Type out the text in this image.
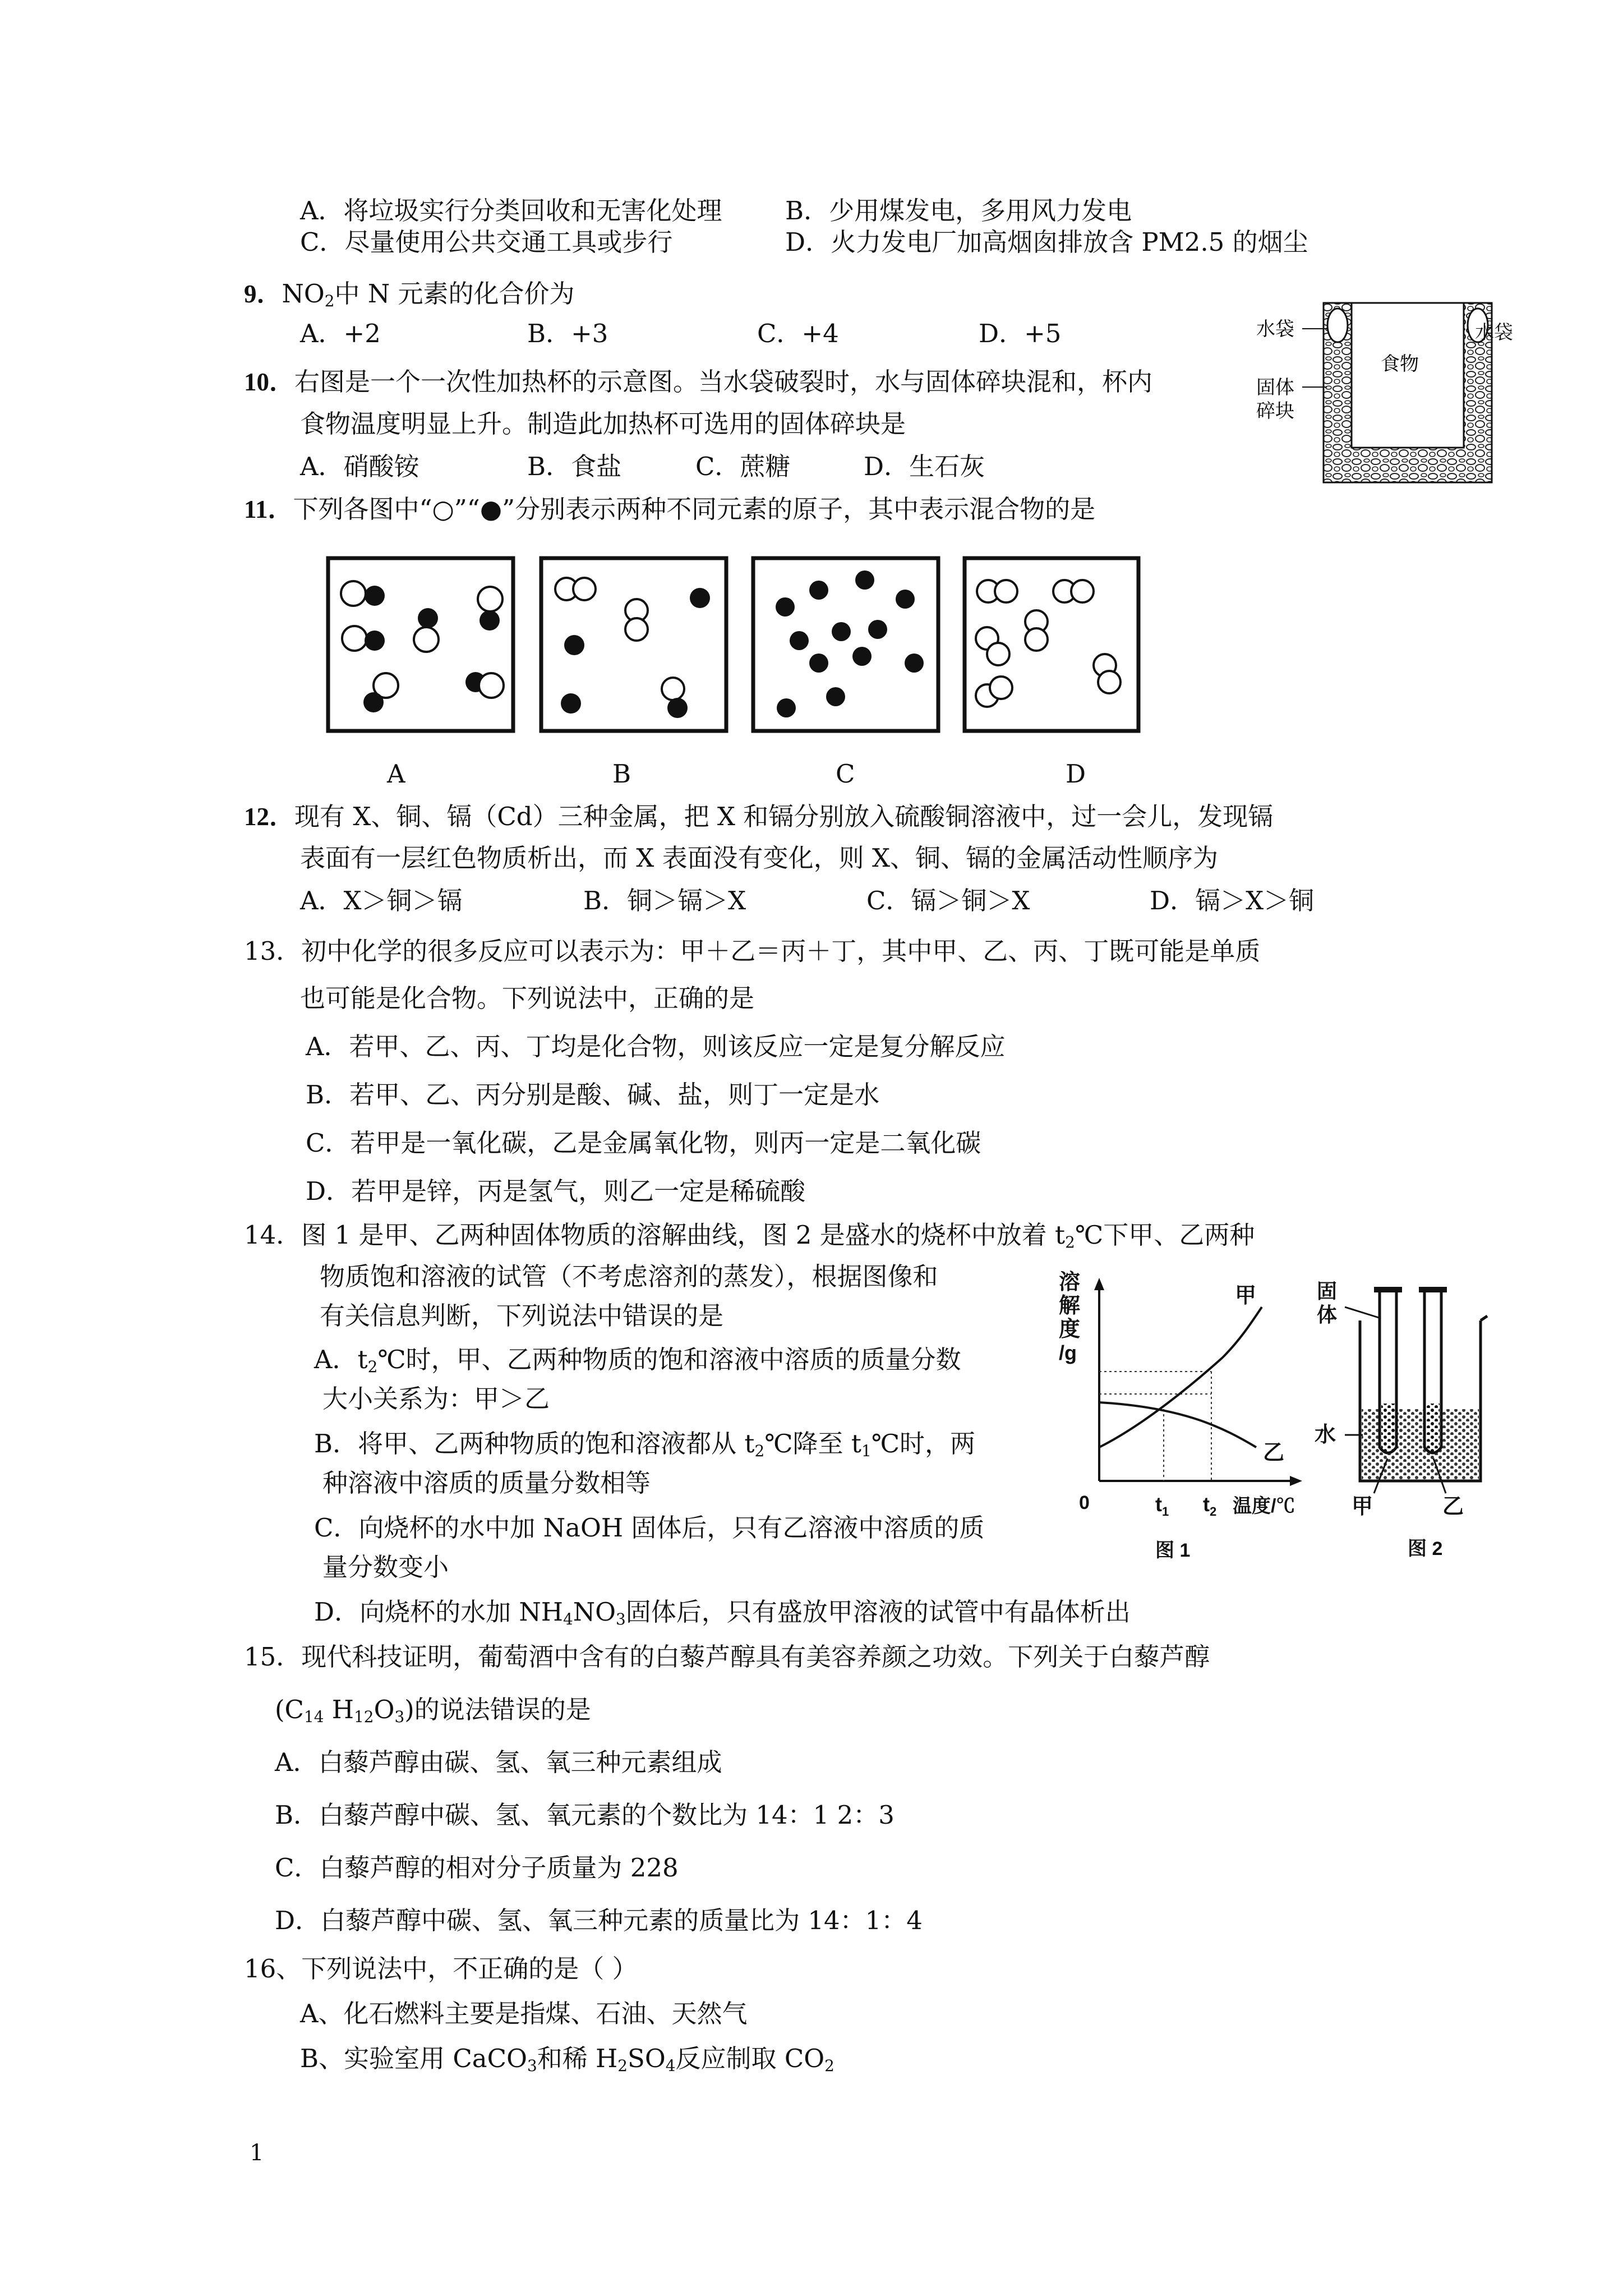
A．将垃圾实行分类回收和无害化处理	B．少用煤发电，多用风力发电
C．尽量使用公共交通工具或步行	D．火力发电厂加高烟囱排放含 PM2.5 的烟尘
9．$NO_2$中 N 元素的化合价为
A．+2	B．+3	C．+4	D．+5
10．右图是一个一次性加热杯的示意图。当水袋破裂时，水与固体碎块混和，杯内
食物温度明显上升。制造此加热杯可选用的固体碎块是
A．硝酸铵	B．食盐	C．蔗糖	D．生石灰
水袋
食物
固体
碎块
水袋
11．下列各图中“○”“●”分别表示两种不同元素的原子，其中表示混合物的是
A	B	C	D
12．现有 X、铜、镉（Cd）三种金属，把 X 和镉分别放入硫酸铜溶液中，过一会儿，发现镉
表面有一层红色物质析出，而 X 表面没有变化，则 X、铜、镉的金属活动性顺序为
A．X＞铜＞镉	B．铜＞镉＞X	C．镉＞铜＞X	D．镉＞X＞铜
13．初中化学的很多反应可以表示为：甲＋乙＝丙＋丁，其中甲、乙、丙、丁既可能是单质
也可能是化合物。下列说法中，正确的是
A．若甲、乙、丙、丁均是化合物，则该反应一定是复分解反应
B．若甲、乙、丙分别是酸、碱、盐，则丁一定是水
C．若甲是一氧化碳，乙是金属氧化物，则丙一定是二氧化碳
D．若甲是锌，丙是氢气，则乙一定是稀硫酸
14．图 1 是甲、乙两种固体物质的溶解曲线，图 2 是盛水的烧杯中放着 $t_2℃$下甲、乙两种
物质饱和溶液的试管（不考虑溶剂的蒸发），根据图像和
有关信息判断，下列说法中错误的是
A．$t_2℃$时，甲、乙两种物质的饱和溶液中溶质的质量分数
大小关系为：甲＞乙
B．将甲、乙两种物质的饱和溶液都从 $t_2℃$降至 $t_1℃$时，两
种溶液中溶质的质量分数相等
C．向烧杯的水中加 NaOH 固体后，只有乙溶液中溶质的质
量分数变小
D．向烧杯的水加 $NH_4NO_3$固体后，只有盛放甲溶液的试管中有晶体析出
溶
解
度
/g
甲
乙
0	$t_1$ $t_2$ 温度/℃
图 1
固
体
水
甲	乙
图 2
15．现代科技证明，葡萄酒中含有的白藜芦醇具有美容养颜之功效。下列关于白藜芦醇
($C_{14}$ $H_{12}O_3$)的说法错误的是
A．白藜芦醇由碳、氢、氧三种元素组成
B．白藜芦醇中碳、氢、氧元素的个数比为 14：1 2：3
C．白藜芦醇的相对分子质量为 228
D．白藜芦醇中碳、氢、氧三种元素的质量比为 14：1：4
16、下列说法中，不正确的是（ ）
A、化石燃料主要是指煤、石油、天然气
B、实验室用 CaCO$_3$和稀 $H_2SO_4$反应制取 $CO_2$
1
